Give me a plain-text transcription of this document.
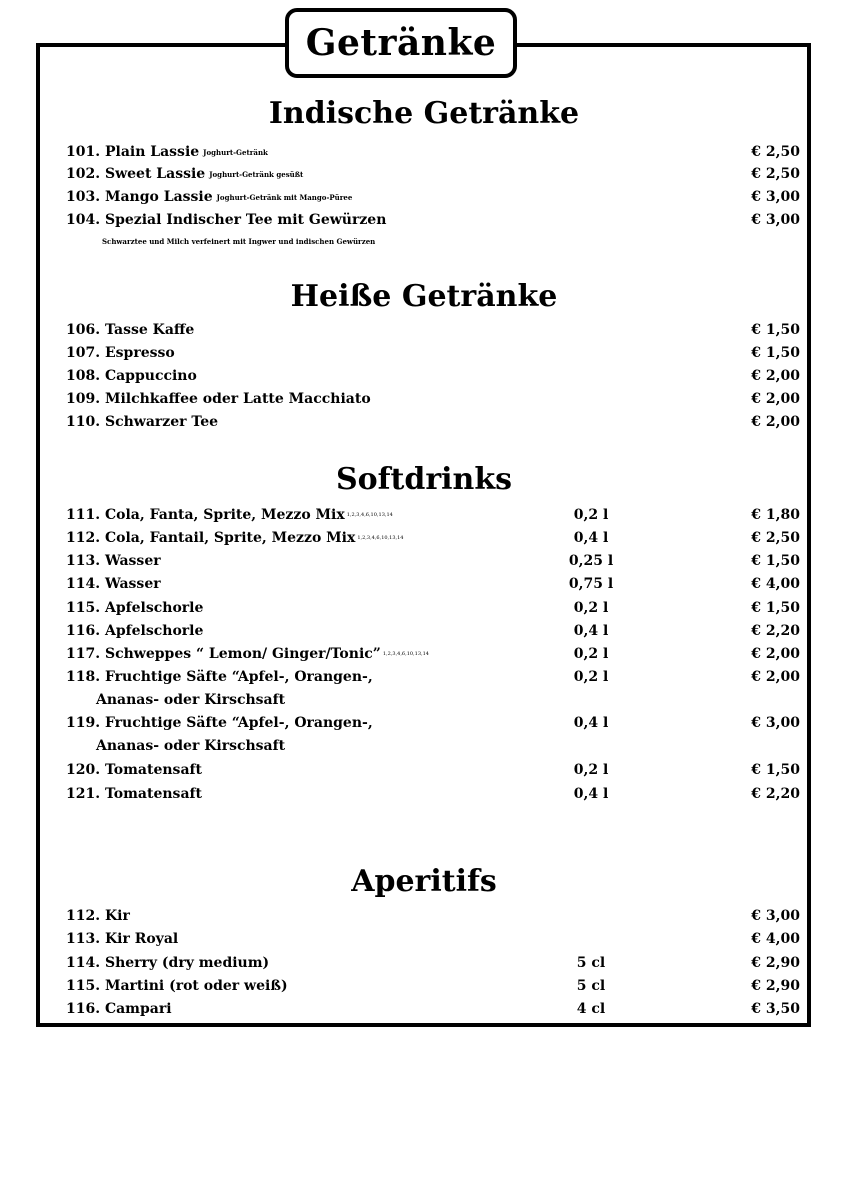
Getränke
Indische Getränke
101. Plain Lassie Joghurt-Getränk	€ 2,50
102. Sweet Lassie Joghurt-Getränk gesüßt	€ 2,50
103. Mango Lassie Joghurt-Getränk mit Mango-Püree	€ 3,00
104. Spezial Indischer Tee mit Gewürzen	€ 3,00
Schwarztee und Milch verfeinert mit Ingwer und indischen Gewürzen
Heiße Getränke
106. Tasse Kaffe	€ 1,50
107. Espresso	€ 1,50
108. Cappuccino	€ 2,00
109. Milchkaffee oder Latte Macchiato	€ 2,00
110. Schwarzer Tee	€ 2,00
Softdrinks
111. Cola, Fanta, Sprite, Mezzo Mix 1,2,3,4,6,10,13,14	0,2 l	€ 1,80
112. Cola, Fantail, Sprite, Mezzo Mix 1,2,3,4,6,10,13,14	0,4 l	€ 2,50
113. Wasser	0,25 l	€ 1,50
114. Wasser	0,75 l	€ 4,00
115. Apfelschorle	0,2 l	€ 1,50
116. Apfelschorle	0,4 l	€ 2,20
117. Schweppes “ Lemon/ Ginger/Tonic” 1,2,3,4,6,10,13,14	0,2 l	€ 2,00
118. Fruchtige Säfte “Apfel-, Orangen-,	0,2 l	€ 2,00
Ananas- oder Kirschsaft
119. Fruchtige Säfte “Apfel-, Orangen-,	0,4 l	€ 3,00
Ananas- oder Kirschsaft
120. Tomatensaft	0,2 l	€ 1,50
121. Tomatensaft	0,4 l	€ 2,20
Aperitifs
112. Kir	€ 3,00
113. Kir Royal	€ 4,00
114. Sherry (dry medium)	5 cl	€ 2,90
115. Martini (rot oder weiß)	5 cl	€ 2,90
116. Campari	4 cl	€ 3,50
